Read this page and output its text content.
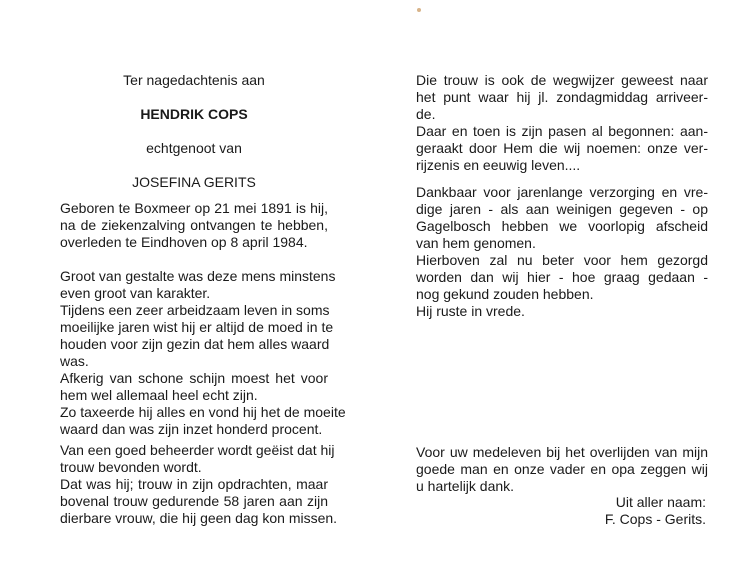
Ter nagedachtenis aan
HENDRIK COPS
echtgenoot van
JOSEFINA GERITS
Geboren te Boxmeer op 21 mei 1891 is hij,
na de ziekenzalving ontvangen te hebben,
overleden te Eindhoven op 8 april 1984.
Groot van gestalte was deze mens minstens
even groot van karakter.
Tijdens een zeer arbeidzaam leven in soms
moeilijke jaren wist hij er altijd de moed in te
houden voor zijn gezin dat hem alles waard
was.
Afkerig van schone schijn moest het voor
hem wel allemaal heel echt zijn.
Zo taxeerde hij alles en vond hij het de moeite
waard dan was zijn inzet honderd procent.
Van een goed beheerder wordt geëist dat hij
trouw bevonden wordt.
Dat was hij; trouw in zijn opdrachten, maar
bovenal trouw gedurende 58 jaren aan zijn
dierbare vrouw, die hij geen dag kon missen.
Die trouw is ook de wegwijzer geweest naar
het punt waar hij jl. zondagmiddag arriveer-
de.
Daar en toen is zijn pasen al begonnen: aan-
geraakt door Hem die wij noemen: onze ver-
rijzenis en eeuwig leven....
Dankbaar voor jarenlange verzorging en vre-
dige jaren - als aan weinigen gegeven - op
Gagelbosch hebben we voorlopig afscheid
van hem genomen.
Hierboven zal nu beter voor hem gezorgd
worden dan wij hier - hoe graag gedaan -
nog gekund zouden hebben.
Hij ruste in vrede.
Voor uw medeleven bij het overlijden van mijn
goede man en onze vader en opa zeggen wij
u hartelijk dank.
Uit aller naam:
F. Cops - Gerits.
